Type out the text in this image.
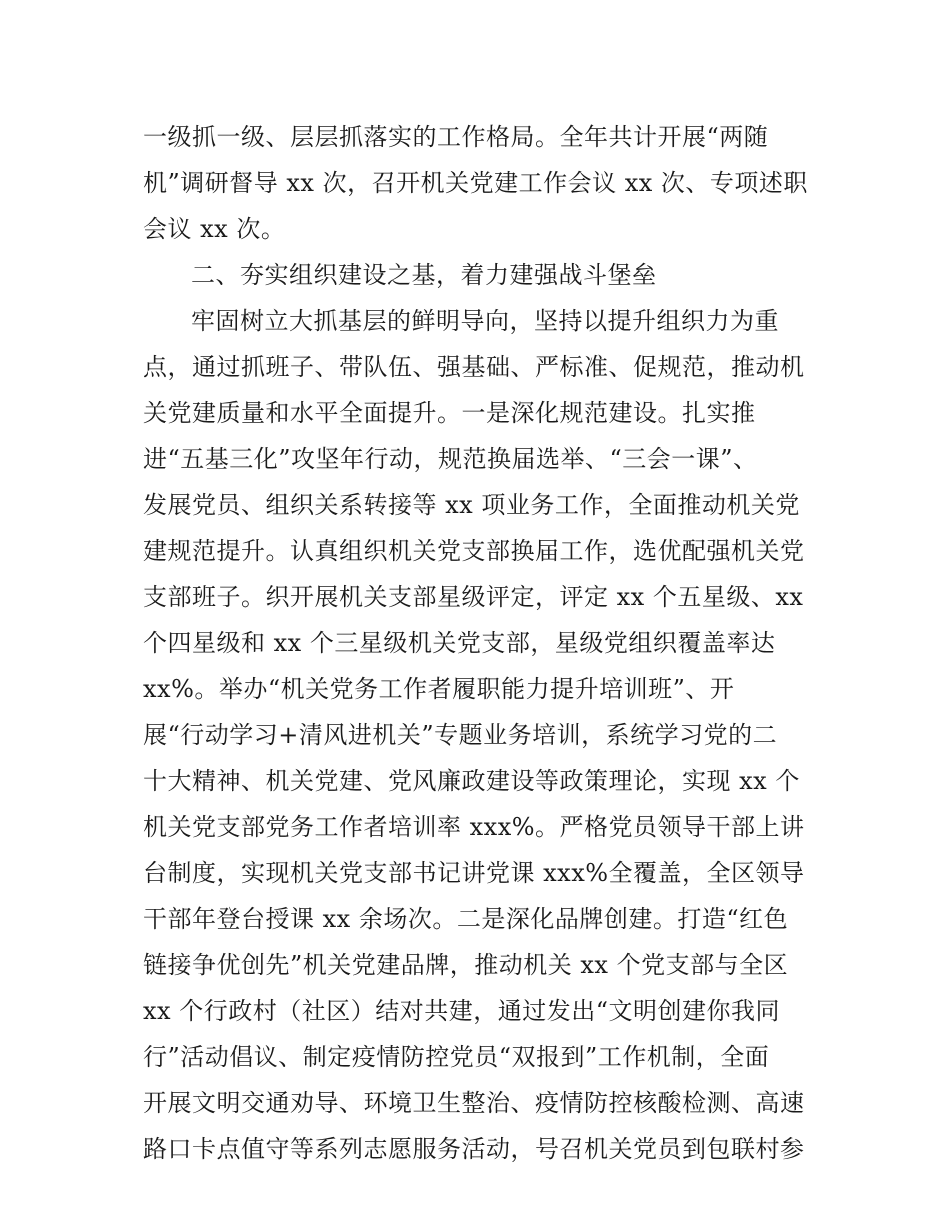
一级抓一级、层层抓落实的工作格局。全年共计开展“两随
机”调研督导 xx 次，召开机关党建工作会议 xx 次、专项述职
会议 xx 次。
二、夯实组织建设之基，着力建强战斗堡垒
牢固树立大抓基层的鲜明导向，坚持以提升组织力为重
点，通过抓班子、带队伍、强基础、严标准、促规范，推动机
关党建质量和水平全面提升。一是深化规范建设。扎实推
进“五基三化”攻坚年行动，规范换届选举、“三会一课”、
发展党员、组织关系转接等 xx 项业务工作，全面推动机关党
建规范提升。认真组织机关党支部换届工作，选优配强机关党
支部班子。织开展机关支部星级评定，评定 xx 个五星级、xx
个四星级和 xx 个三星级机关党支部，星级党组织覆盖率达
xx%。举办“机关党务工作者履职能力提升培训班”、开
展“行动学习+清风进机关”专题业务培训，系统学习党的二
十大精神、机关党建、党风廉政建设等政策理论，实现 xx 个
机关党支部党务工作者培训率 xxx%。严格党员领导干部上讲
台制度，实现机关党支部书记讲党课 xxx%全覆盖，全区领导
干部年登台授课 xx 余场次。二是深化品牌创建。打造“红色
链接争优创先”机关党建品牌，推动机关 xx 个党支部与全区
xx 个行政村（社区）结对共建，通过发出“文明创建你我同
行”活动倡议、制定疫情防控党员“双报到”工作机制，全面
开展文明交通劝导、环境卫生整治、疫情防控核酸检测、高速
路口卡点值守等系列志愿服务活动，号召机关党员到包联村参
